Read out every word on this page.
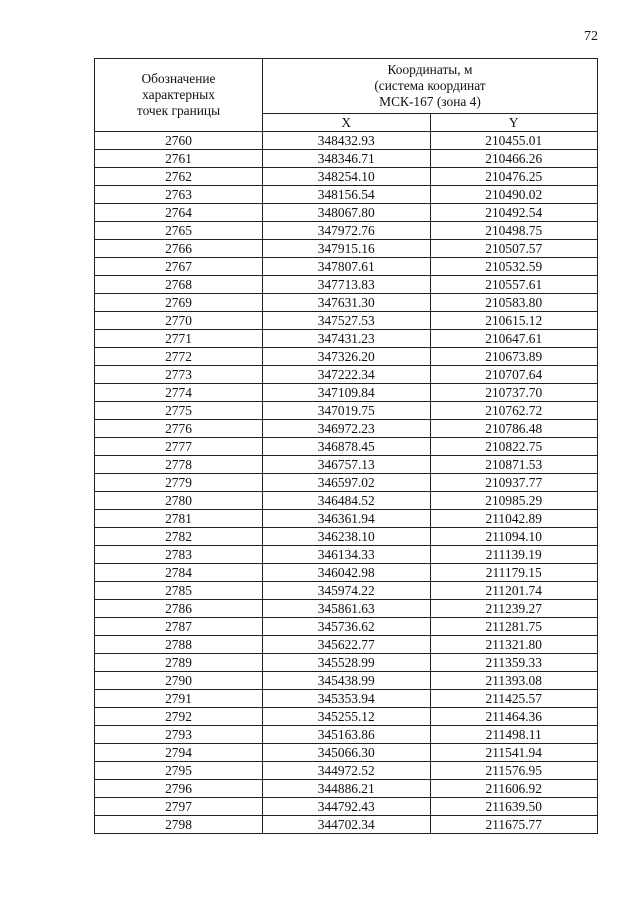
72
Обозначение
характерных
точек границы	Координаты, м
(система координат
МСК-167 (зона 4)	

	X	Y
2760	348432.93	210455.01
2761	348346.71	210466.26
2762	348254.10	210476.25
2763	348156.54	210490.02
2764	348067.80	210492.54
2765	347972.76	210498.75
2766	347915.16	210507.57
2767	347807.61	210532.59
2768	347713.83	210557.61
2769	347631.30	210583.80
2770	347527.53	210615.12
2771	347431.23	210647.61
2772	347326.20	210673.89
2773	347222.34	210707.64
2774	347109.84	210737.70
2775	347019.75	210762.72
2776	346972.23	210786.48
2777	346878.45	210822.75
2778	346757.13	210871.53
2779	346597.02	210937.77
2780	346484.52	210985.29
2781	346361.94	211042.89
2782	346238.10	211094.10
2783	346134.33	211139.19
2784	346042.98	211179.15
2785	345974.22	211201.74
2786	345861.63	211239.27
2787	345736.62	211281.75
2788	345622.77	211321.80
2789	345528.99	211359.33
2790	345438.99	211393.08
2791	345353.94	211425.57
2792	345255.12	211464.36
2793	345163.86	211498.11
2794	345066.30	211541.94
2795	344972.52	211576.95
2796	344886.21	211606.92
2797	344792.43	211639.50
2798	344702.34	211675.77
